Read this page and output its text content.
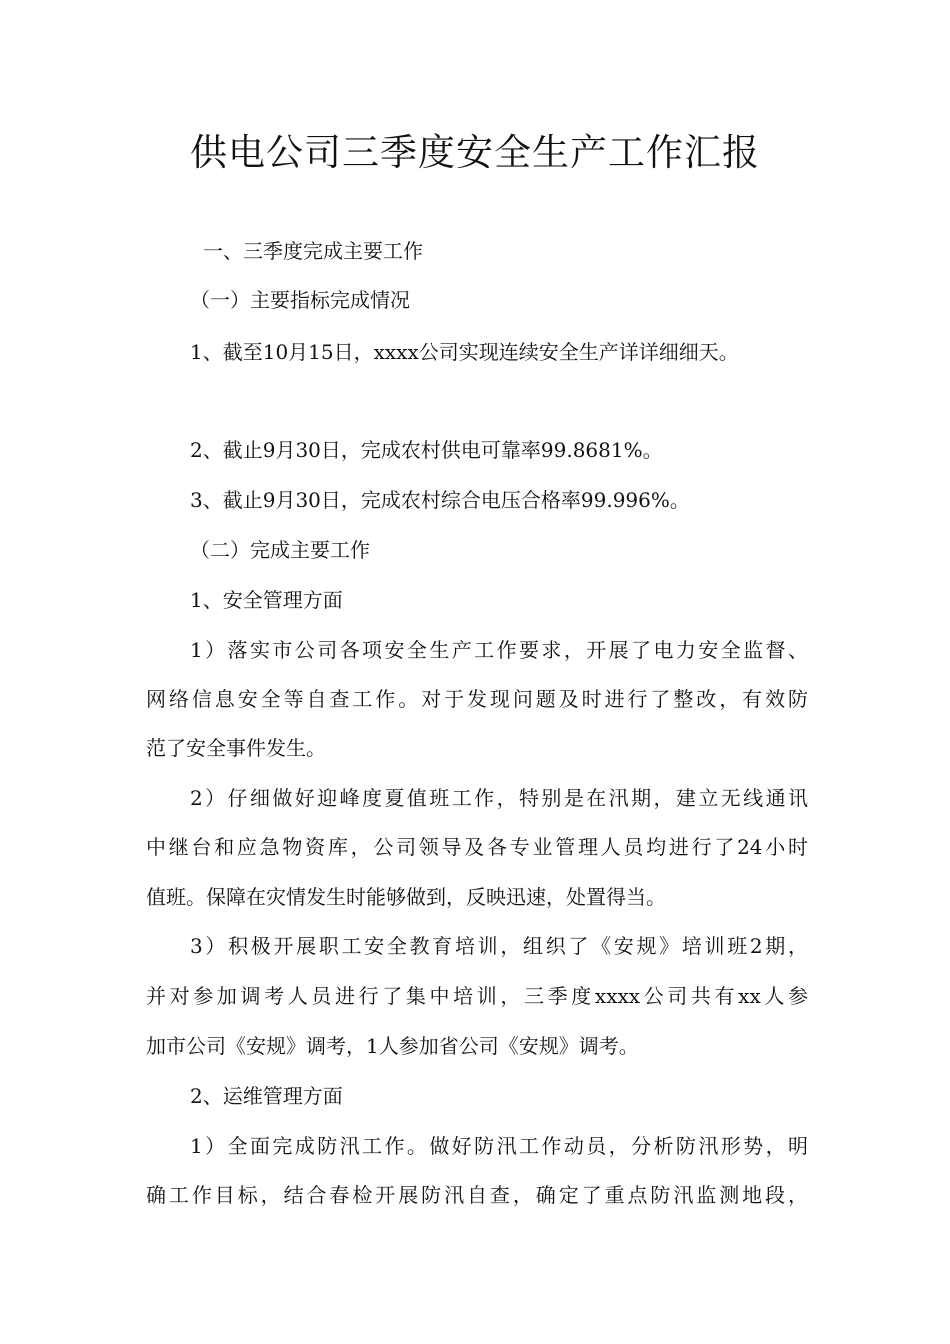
供电公司三季度安全生产工作汇报

一、三季度完成主要工作

（一）主要指标完成情况

1、截至10月15日，xxxx公司实现连续安全生产详详细细天。

2、截止9月30日，完成农村供电可靠率99.8681%。

3、截止9月30日，完成农村综合电压合格率99.996%。

（二）完成主要工作

1、安全管理方面

1）落实市公司各项安全生产工作要求，开展了电力安全监督、

网络信息安全等自查工作。对于发现问题及时进行了整改，有效防

范了安全事件发生。

2）仔细做好迎峰度夏值班工作，特别是在汛期，建立无线通讯

中继台和应急物资库，公司领导及各专业管理人员均进行了24小时

值班。保障在灾情发生时能够做到，反映迅速，处置得当。

3）积极开展职工安全教育培训，组织了《安规》培训班2期，

并对参加调考人员进行了集中培训，三季度xxxx公司共有xx人参

加市公司《安规》调考，1人参加省公司《安规》调考。

2、运维管理方面

1）全面完成防汛工作。做好防汛工作动员，分析防汛形势，明

确工作目标，结合春检开展防汛自查，确定了重点防汛监测地段，
